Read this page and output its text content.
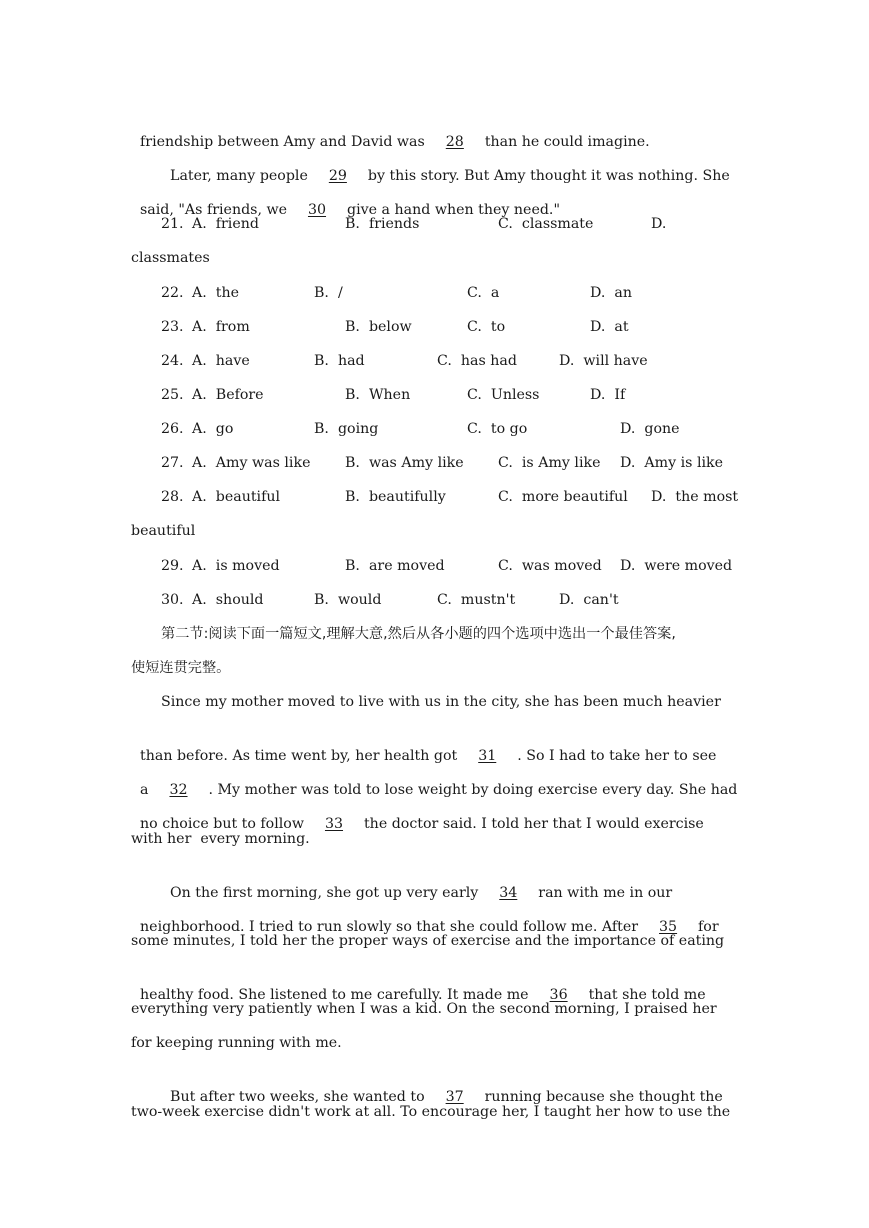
friendship between Amy and David was 28 than he could imagine.

Later, many people 29 by this story. But Amy thought it was nothing. She

said, "As friends, we 30 give a hand when they need."

21. A.  friend	B.  friends	C.  classmate	D.
classmates
22. A.  the	B.  /	C.  a	D.  an
23. A.  from	B.  below	C.  to	D.  at
24. A.  have	B.  had	C.  has had	D.  will have
25. A.  Before	B.  When	C.  Unless	D.  If
26. A.  go	B.  going	C.  to go	D.  gone
27. A.  Amy was like B.  was Amy like C.  is Amy like D.  Amy is like
28. A.  beautiful	B.  beautifully	C.  more beautiful D.  the most
beautiful
29. A.  is moved	B.  are moved	C.  was moved D.  were moved
30. A.  should	B.  would	C.  mustn't	D.  can't
第二节:阅读下面一篇短文,理解大意,然后从各小题的四个选项中选出一个最佳答案,
使短连贯完整。
Since my mother moved to live with us in the city, she has been much heavier

than before. As time went by, her health got 31 . So I had to take her to see

a 32 . My mother was told to lose weight by doing exercise every day. She had

no choice but to follow 33 the doctor said. I told her that I would exercise

with her  every morning.

On the first morning, she got up very early 34 ran with me in our

neighborhood. I tried to run slowly so that she could follow me. After 35 for

some minutes, I told her the proper ways of exercise and the importance of eating

healthy food. She listened to me carefully. It made me 36 that she told me

everything very patiently when I was a kid. On the second morning, I praised her
for keeping running with me.

But after two weeks, she wanted to 37 running because she thought the

two-week exercise didn't work at all. To encourage her, I taught her how to use the
